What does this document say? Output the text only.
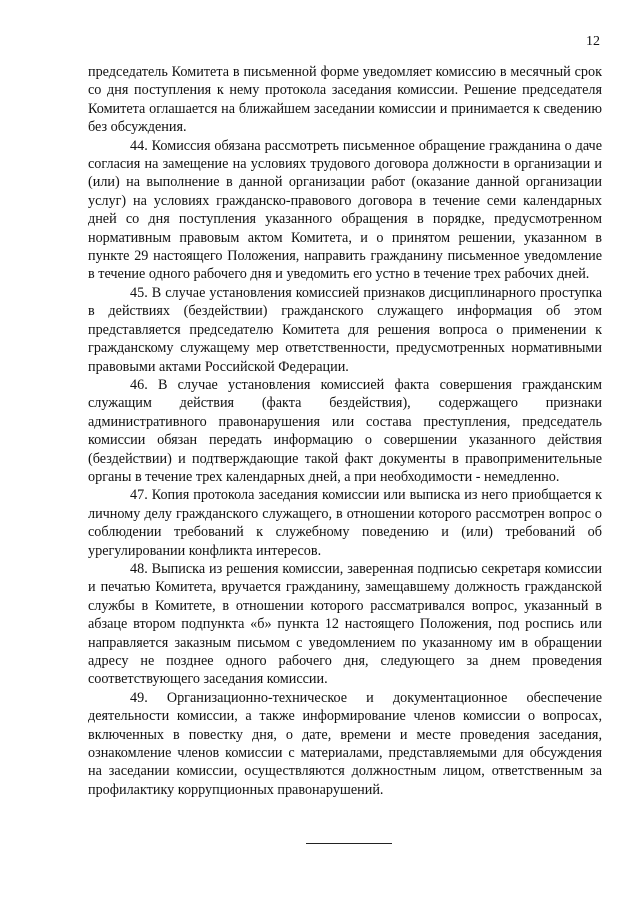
12

председатель Комитета в письменной форме уведомляет комиссию в месячный срок со дня поступления к нему протокола заседания комиссии. Решение председателя Комитета оглашается на ближайшем заседании комиссии и принимается к сведению без обсуждения.

44. Комиссия обязана рассмотреть письменное обращение гражданина о даче согласия на замещение на условиях трудового договора должности в организации и (или) на выполнение в данной организации работ (оказание данной организации услуг) на условиях гражданско-правового договора в течение семи календарных дней со дня поступления указанного обращения в порядке, предусмотренном нормативным правовым актом Комитета, и о принятом решении, указанном в пункте 29 настоящего Положения, направить гражданину письменное уведомление в течение одного рабочего дня и уведомить его устно в течение трех рабочих дней.

45. В случае установления комиссией признаков дисциплинарного проступка в действиях (бездействии) гражданского служащего информация об этом представляется председателю Комитета для решения вопроса о применении к гражданскому служащему мер ответственности, предусмотренных нормативными правовыми актами Российской Федерации.

46. В случае установления комиссией факта совершения гражданским служащим действия (факта бездействия), содержащего признаки административного правонарушения или состава преступления, председатель комиссии обязан передать информацию о совершении указанного действия (бездействии) и подтверждающие такой факт документы в правоприменительные органы в течение трех календарных дней, а при необходимости - немедленно.

47. Копия протокола заседания комиссии или выписка из него приобщается к личному делу гражданского служащего, в отношении которого рассмотрен вопрос о соблюдении требований к служебному поведению и (или) требований об урегулировании конфликта интересов.

48. Выписка из решения комиссии, заверенная подписью секретаря комиссии и печатью Комитета, вручается гражданину, замещавшему должность гражданской службы в Комитете, в отношении которого рассматривался вопрос, указанный в абзаце втором подпункта «б» пункта 12 настоящего Положения, под роспись или направляется заказным письмом с уведомлением по указанному им в обращении адресу не позднее одного рабочего дня, следующего за днем проведения соответствующего заседания комиссии.

49. Организационно-техническое и документационное обеспечение деятельности комиссии, а также информирование членов комиссии о вопросах, включенных в повестку дня, о дате, времени и месте проведения заседания, ознакомление членов комиссии с материалами, представляемыми для обсуждения на заседании комиссии, осуществляются должностным лицом, ответственным за профилактику коррупционных правонарушений.
